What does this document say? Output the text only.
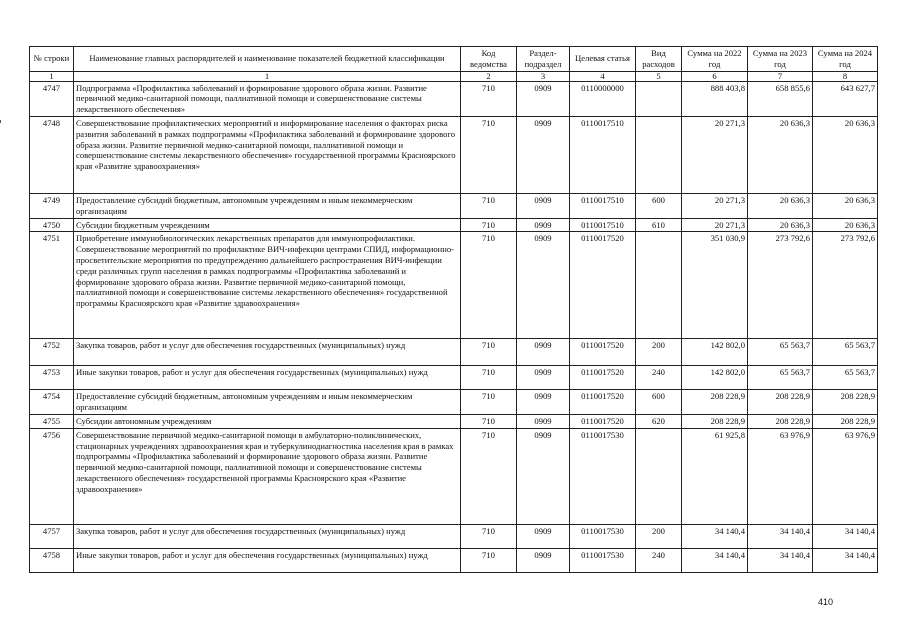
№ строки	Наименование главных распорядителей и наименование показателей бюджетной классификации	Код ведомства	Раздел-подраздел	Целевая статья	Вид расходов	Сумма на 2022 год	Сумма на 2023 год	Сумма на 2024 год
1	1	2	3	4	5	6	7	8
4747	Подпрограмма «Профилактика заболеваний и формирование здорового образа жизни. Развитие первичной медико-санитарной помощи, паллиативной помощи и совершенствование системы лекарственного обеспечения»	710	0909	0110000000		888 403,8	658 855,6	643 627,7
4748	Совершенствование профилактических мероприятий и информирование населения о факторах риска развития заболеваний в рамках подпрограммы «Профилактика заболеваний и формирование здорового образа жизни. Развитие первичной медико-санитарной помощи, паллиативной помощи и совершенствование системы лекарственного обеспечения» государственной программы Красноярского края «Развитие здравоохранения»	710	0909	0110017510		20 271,3	20 636,3	20 636,3
4749	Предоставление субсидий бюджетным, автономным учреждениям и иным некоммерческим организациям	710	0909	0110017510	600	20 271,3	20 636,3	20 636,3
4750	Субсидии бюджетным учреждениям	710	0909	0110017510	610	20 271,3	20 636,3	20 636,3
4751	Приобретение иммунобиологических лекарственных препаратов для иммунопрофилактики. Совершенствование мероприятий по профилактике ВИЧ-инфекции центрами СПИД, информационно-просветительские мероприятия по предупреждению дальнейшего распространения ВИЧ-инфекции среди различных групп населения в рамках подпрограммы «Профилактика заболеваний и формирование здорового образа жизни. Развитие первичной медико-санитарной помощи, паллиативной помощи и совершенствование системы лекарственного обеспечения» государственной программы Красноярского края «Развитие здравоохранения»	710	0909	0110017520		351 030,9	273 792,6	273 792,6
4752	Закупка товаров, работ и услуг для обеспечения государственных (муниципальных) нужд	710	0909	0110017520	200	142 802,0	65 563,7	65 563,7
4753	Иные закупки товаров, работ и услуг для обеспечения государственных (муниципальных) нужд	710	0909	0110017520	240	142 802,0	65 563,7	65 563,7
4754	Предоставление субсидий бюджетным, автономным учреждениям и иным некоммерческим организациям	710	0909	0110017520	600	208 228,9	208 228,9	208 228,9
4755	Субсидии автономным учреждениям	710	0909	0110017520	620	208 228,9	208 228,9	208 228,9
4756	Совершенствование первичной медико-санитарной помощи в амбулаторно-поликлинических, стационарных учреждениях здравоохранения края и туберкулинодиагностика населения края в рамках подпрограммы «Профилактика заболеваний и формирование здорового образа жизни. Развитие первичной медико-санитарной помощи, паллиативной помощи и совершенствование системы лекарственного обеспечения» государственной программы Красноярского края «Развитие здравоохранения»	710	0909	0110017530		61 925,8	63 976,9	63 976,9
4757	Закупка товаров, работ и услуг для обеспечения государственных (муниципальных) нужд	710	0909	0110017530	200	34 140,4	34 140,4	34 140,4
4758	Иные закупки товаров, работ и услуг для обеспечения государственных (муниципальных) нужд	710	0909	0110017530	240	34 140,4	34 140,4	34 140,4
410
